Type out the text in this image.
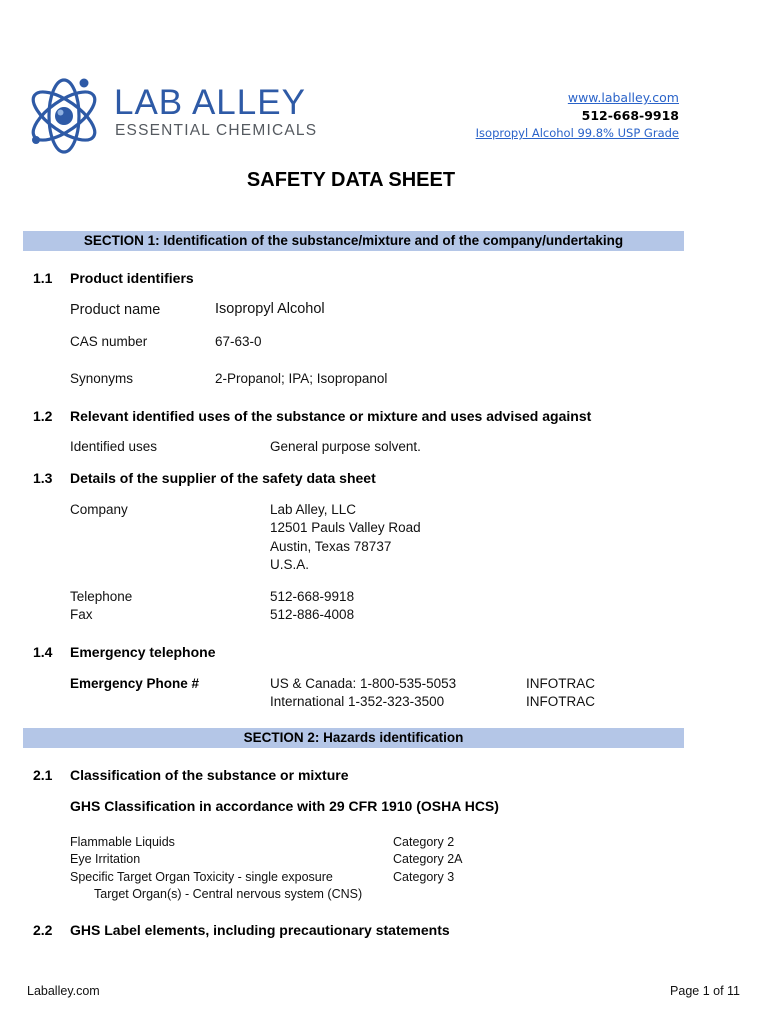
LAB ALLEY
ESSENTIAL CHEMICALS
www.laballey.com
512-668-9918
Isopropyl Alcohol 99.8% USP Grade
SAFETY DATA SHEET
SECTION 1: Identification of the substance/mixture and of the company/undertaking
1.1 Product identifiers
Product name	Isopropyl Alcohol
CAS number	67-63-0
Synonyms	2-Propanol; IPA; Isopropanol
1.2 Relevant identified uses of the substance or mixture and uses advised against
Identified uses	General purpose solvent.
1.3 Details of the supplier of the safety data sheet
Company	Lab Alley, LLC
12501 Pauls Valley Road
Austin, Texas 78737
U.S.A.
Telephone	512-668-9918
Fax	512-886-4008
1.4 Emergency telephone
Emergency Phone #	US & Canada: 1-800-535-5053	INFOTRAC
International 1-352-323-3500	INFOTRAC
SECTION 2: Hazards identification
2.1 Classification of the substance or mixture
GHS Classification in accordance with 29 CFR 1910 (OSHA HCS)
Flammable Liquids	Category 2
Eye Irritation	Category 2A
Specific Target Organ Toxicity - single exposure	Category 3
Target Organ(s) - Central nervous system (CNS)
2.2 GHS Label elements, including precautionary statements
Laballey.com	Page 1 of 11
